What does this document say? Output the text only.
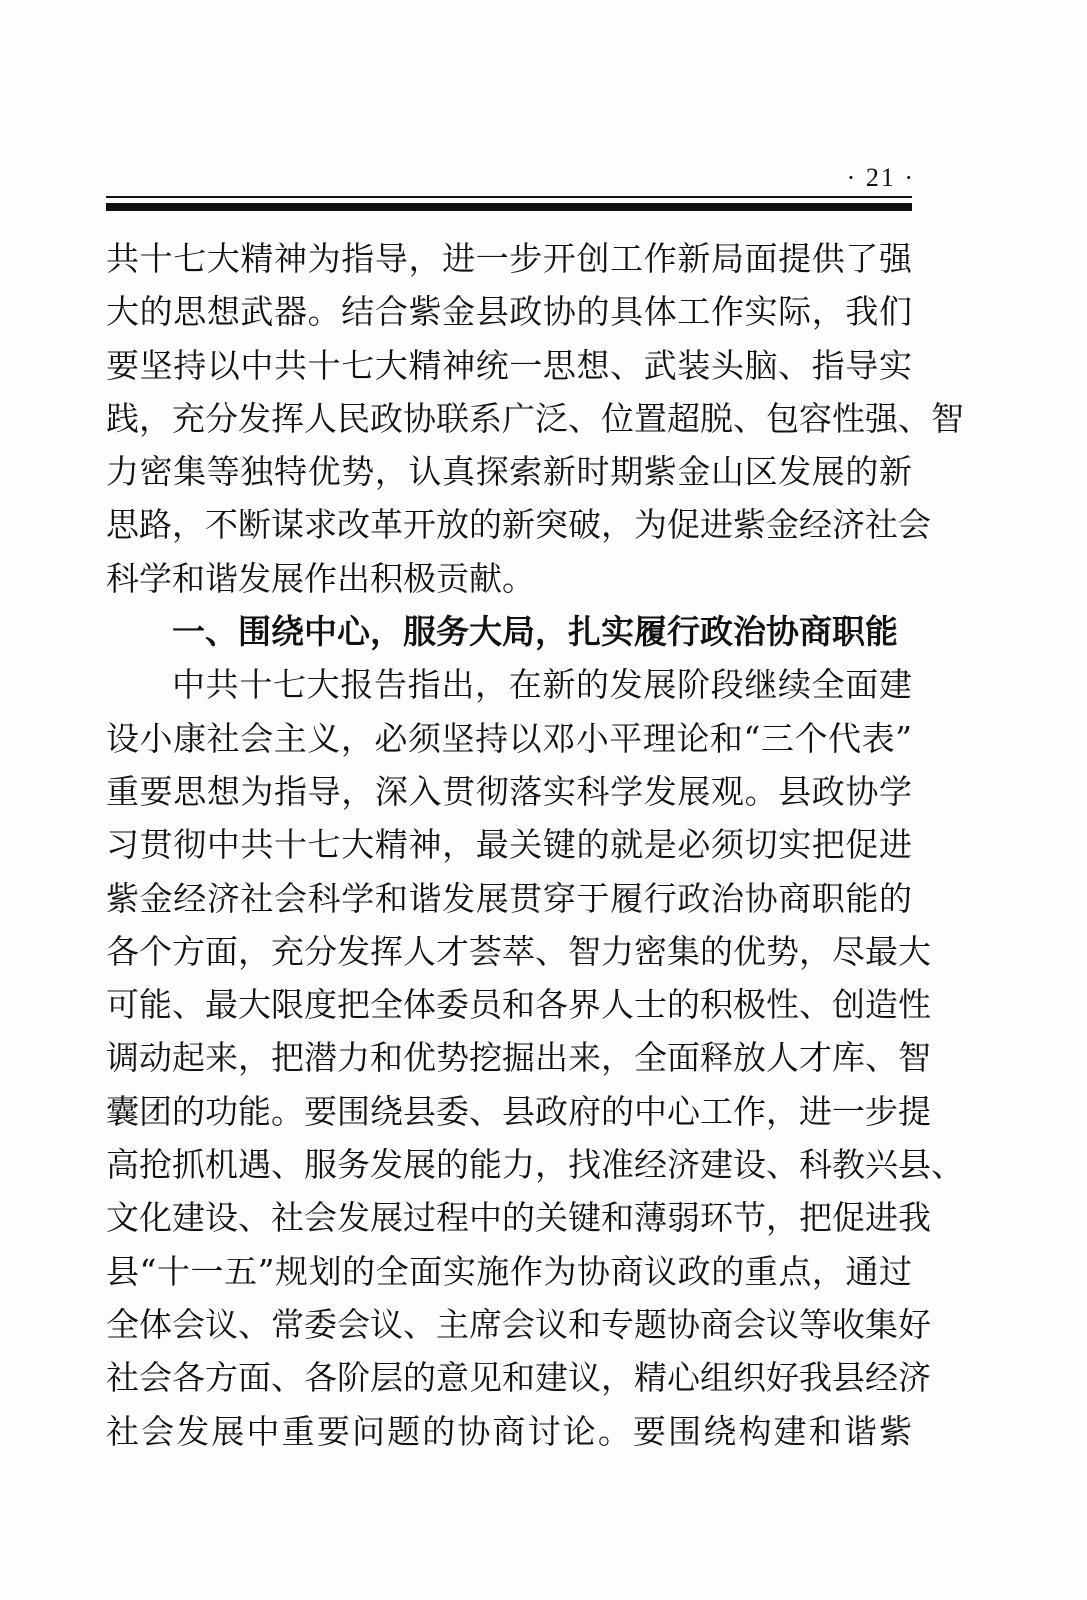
· 21 ·
共十七大精神为指导，进一步开创工作新局面提供了强
大的思想武器。结合紫金县政协的具体工作实际，我们
要坚持以中共十七大精神统一思想、武装头脑、指导实
践，充分发挥人民政协联系广泛、位置超脱、包容性强、智
力密集等独特优势，认真探索新时期紫金山区发展的新
思路，不断谋求改革开放的新突破，为促进紫金经济社会
科学和谐发展作出积极贡献。
一、围绕中心，服务大局，扎实履行政治协商职能
中共十七大报告指出，在新的发展阶段继续全面建
设小康社会主义，必须坚持以邓小平理论和“三个代表”
重要思想为指导，深入贯彻落实科学发展观。县政协学
习贯彻中共十七大精神，最关键的就是必须切实把促进
紫金经济社会科学和谐发展贯穿于履行政治协商职能的
各个方面，充分发挥人才荟萃、智力密集的优势，尽最大
可能、最大限度把全体委员和各界人士的积极性、创造性
调动起来，把潜力和优势挖掘出来，全面释放人才库、智
囊团的功能。要围绕县委、县政府的中心工作，进一步提
高抢抓机遇、服务发展的能力，找准经济建设、科教兴县、
文化建设、社会发展过程中的关键和薄弱环节，把促进我
县“十一五”规划的全面实施作为协商议政的重点，通过
全体会议、常委会议、主席会议和专题协商会议等收集好
社会各方面、各阶层的意见和建议，精心组织好我县经济
社会发展中重要问题的协商讨论。要围绕构建和谐紫
